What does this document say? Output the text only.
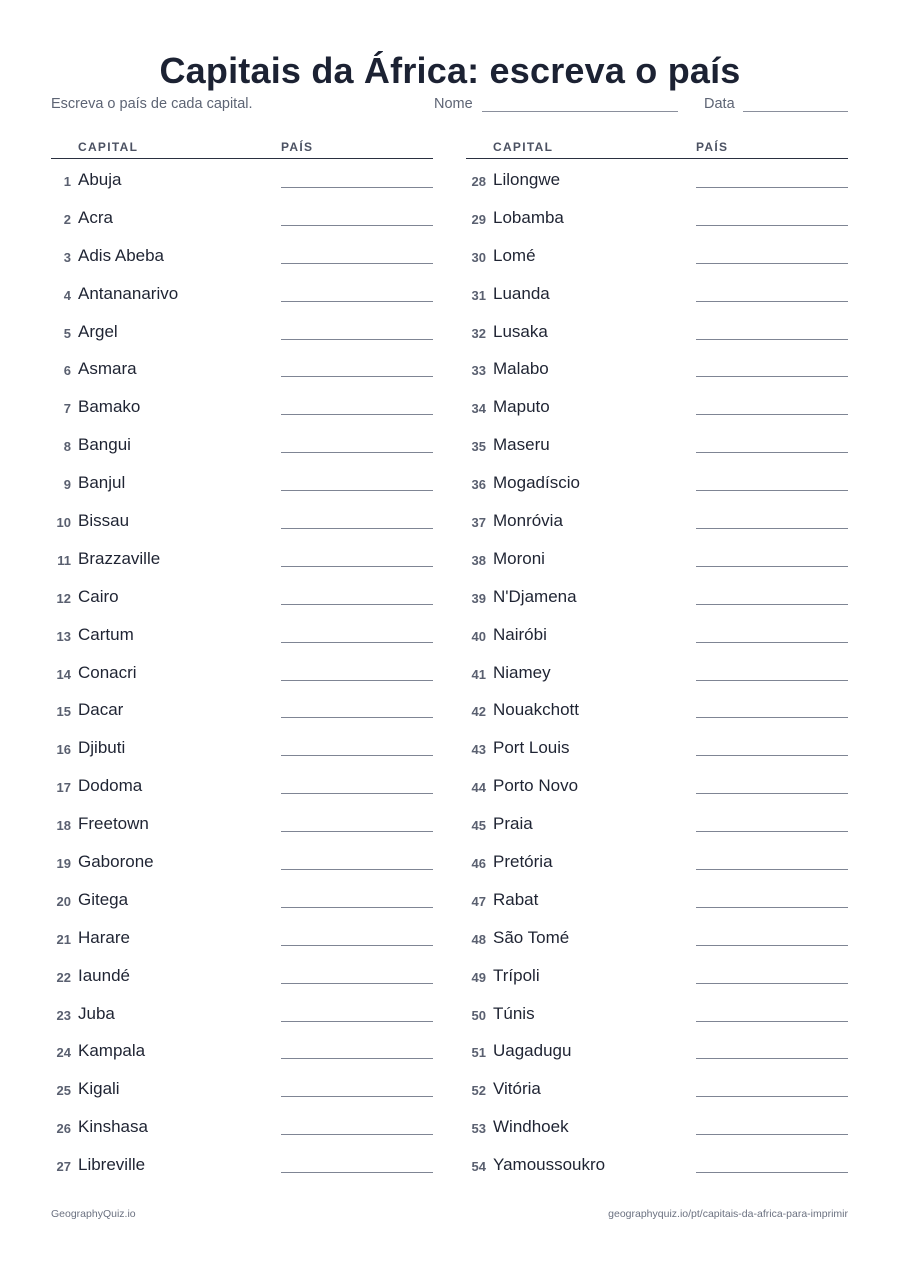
Capitais da África: escreva o país
Escreva o país de cada capital.	Nome	Data
CAPITAL	PAÍS
1 Abuja
2 Acra
3 Adis Abeba
4 Antananarivo
5 Argel
6 Asmara
7 Bamako
8 Bangui
9 Banjul
10 Bissau
11 Brazzaville
12 Cairo
13 Cartum
14 Conacri
15 Dacar
16 Djibuti
17 Dodoma
18 Freetown
19 Gaborone
20 Gitega
21 Harare
22 Iaundé
23 Juba
24 Kampala
25 Kigali
26 Kinshasa
27 Libreville
CAPITAL	PAÍS
28 Lilongwe
29 Lobamba
30 Lomé
31 Luanda
32 Lusaka
33 Malabo
34 Maputo
35 Maseru
36 Mogadíscio
37 Monróvia
38 Moroni
39 N'Djamena
40 Nairóbi
41 Niamey
42 Nouakchott
43 Port Louis
44 Porto Novo
45 Praia
46 Pretória
47 Rabat
48 São Tomé
49 Trípoli
50 Túnis
51 Uagadugu
52 Vitória
53 Windhoek
54 Yamoussoukro
GeographyQuiz.io	geographyquiz.io/pt/capitais-da-africa-para-imprimir
